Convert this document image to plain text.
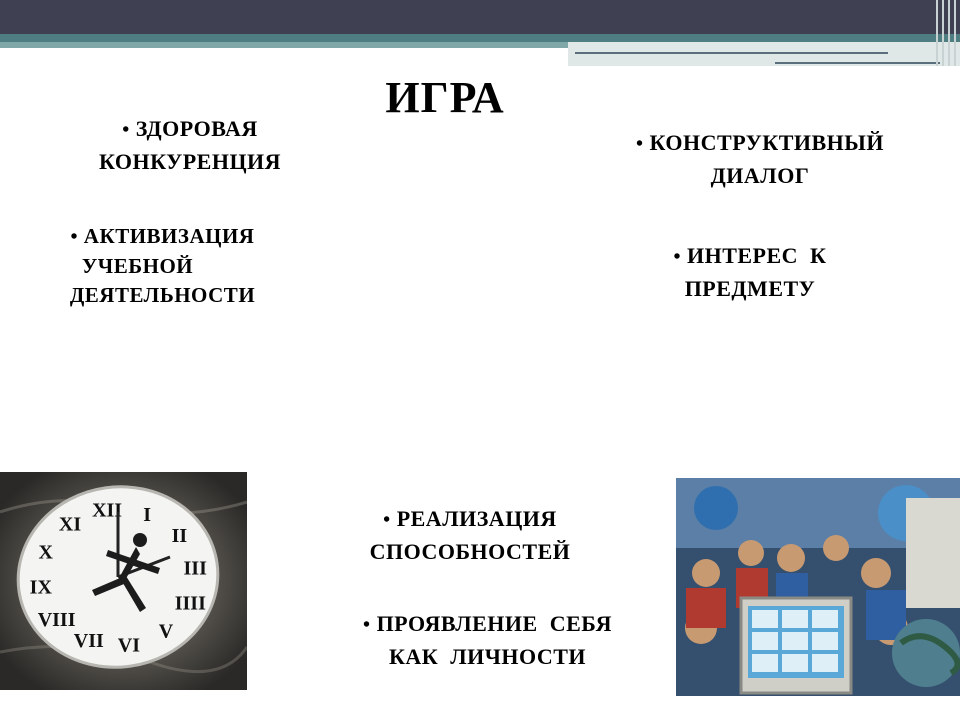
ИГРА
• ЗДОРОВАЯ
КОНКУРЕНЦИЯ
• АКТИВИЗАЦИЯ
УЧЕБНОЙ
ДЕЯТЕЛЬНОСТИ
• КОНСТРУКТИВНЫЙ
ДИАЛОГ
• ИНТЕРЕС  К
ПРЕДМЕТУ
• РЕАЛИЗАЦИЯ
СПОСОБНОСТЕЙ
• ПРОЯВЛЕНИЕ  СЕБЯ
КАК  ЛИЧНОСТИ
XII I
II
III
IIII
V
VI
VII
VIII
IX
X
XI
